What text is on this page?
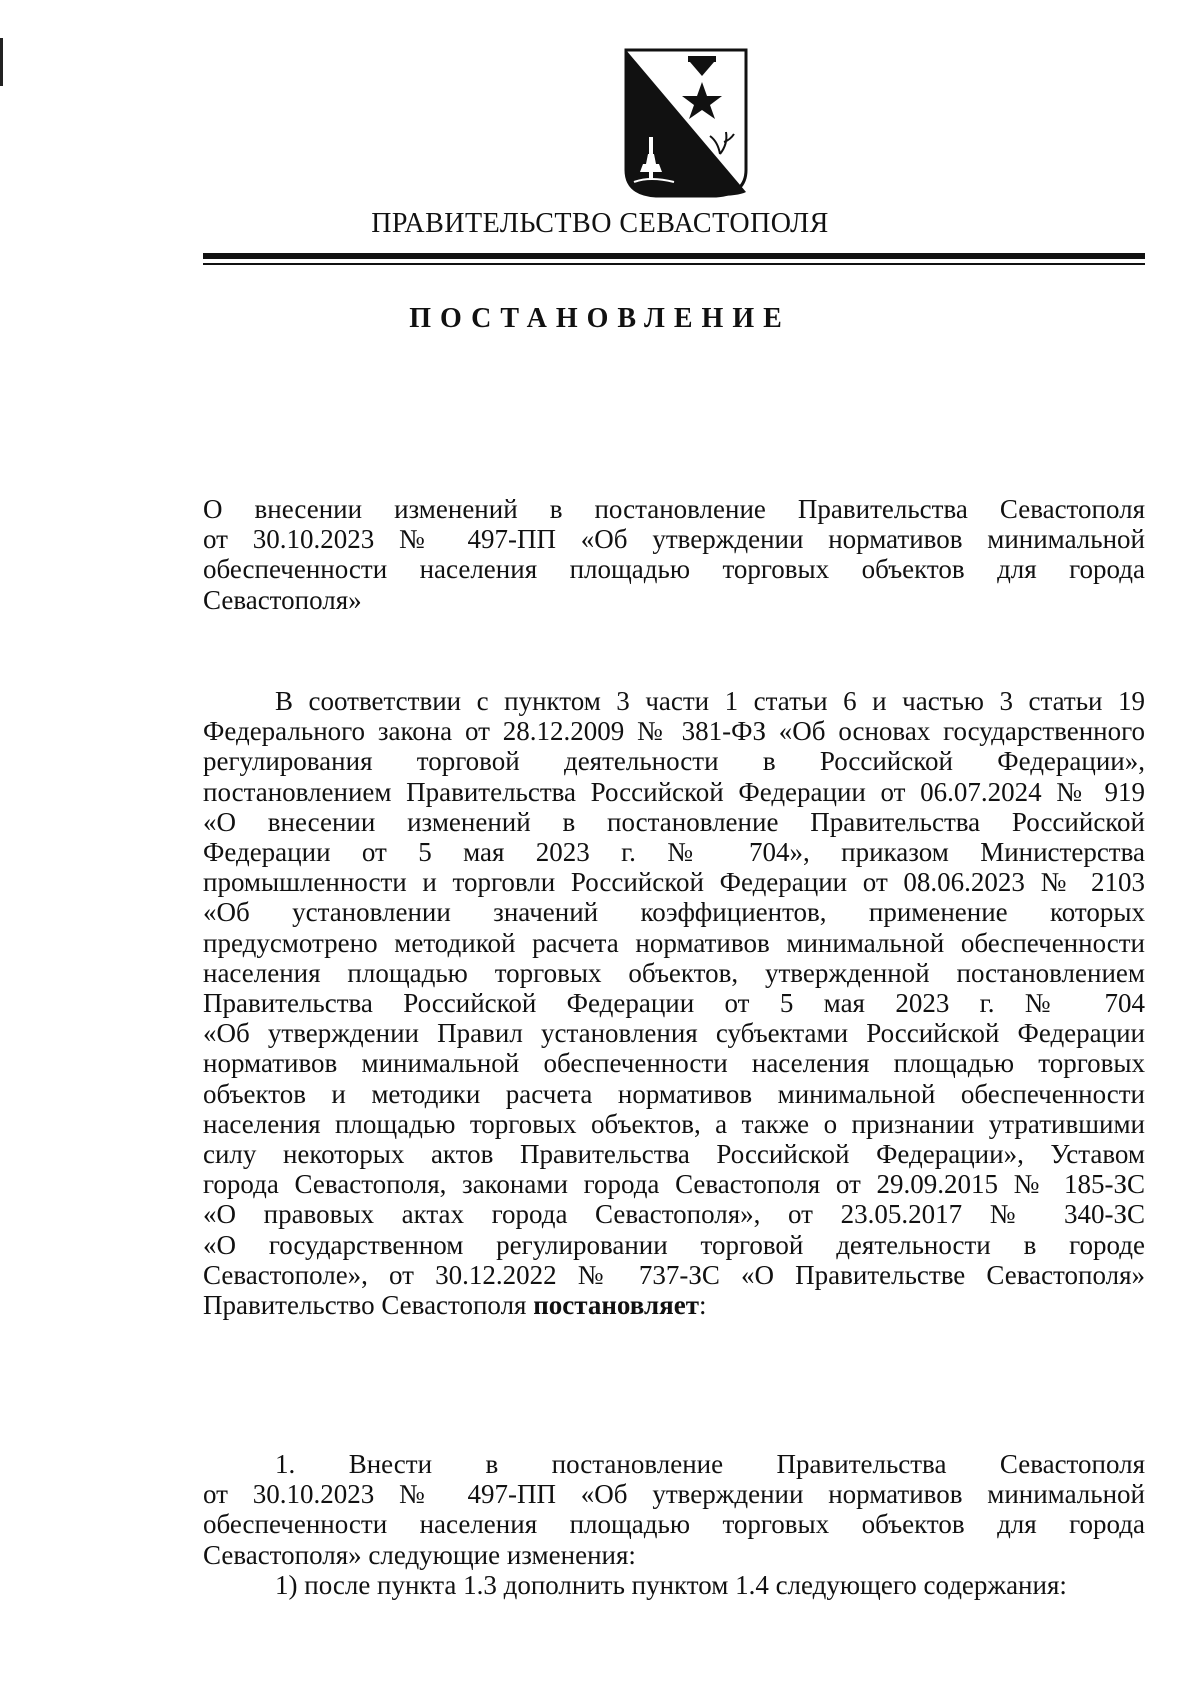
ПРАВИТЕЛЬСТВО СЕВАСТОПОЛЯ
ПОСТАНОВЛЕНИЕ
О внесении изменений в постановление Правительства Севастополя
от 30.10.2023 № 497-ПП «Об утверждении нормативов минимальной
обеспеченности населения площадью торговых объектов для города
Севастополя»
В соответствии с пунктом 3 части 1 статьи 6 и частью 3 статьи 19
Федерального закона от 28.12.2009 № 381-ФЗ «Об основах государственного
регулирования торговой деятельности в Российской Федерации»,
постановлением Правительства Российской Федерации от 06.07.2024 № 919
«О внесении изменений в постановление Правительства Российской
Федерации от 5 мая 2023 г. № 704», приказом Министерства
промышленности и торговли Российской Федерации от 08.06.2023 № 2103
«Об установлении значений коэффициентов, применение которых
предусмотрено методикой расчета нормативов минимальной обеспеченности
населения площадью торговых объектов, утвержденной постановлением
Правительства Российской Федерации от 5 мая 2023 г. № 704
«Об утверждении Правил установления субъектами Российской Федерации
нормативов минимальной обеспеченности населения площадью торговых
объектов и методики расчета нормативов минимальной обеспеченности
населения площадью торговых объектов, а также о признании утратившими
силу некоторых актов Правительства Российской Федерации», Уставом
города Севастополя, законами города Севастополя от 29.09.2015 № 185-ЗС
«О правовых актах города Севастополя», от 23.05.2017 № 340-ЗС
«О государственном регулировании торговой деятельности в городе
Севастополе», от 30.12.2022 № 737-ЗС «О Правительстве Севастополя»
Правительство Севастополя постановляет:
1. Внести в постановление Правительства Севастополя
от 30.10.2023 № 497-ПП «Об утверждении нормативов минимальной
обеспеченности населения площадью торговых объектов для города
Севастополя» следующие изменения:
1) после пункта 1.3 дополнить пунктом 1.4 следующего содержания:
